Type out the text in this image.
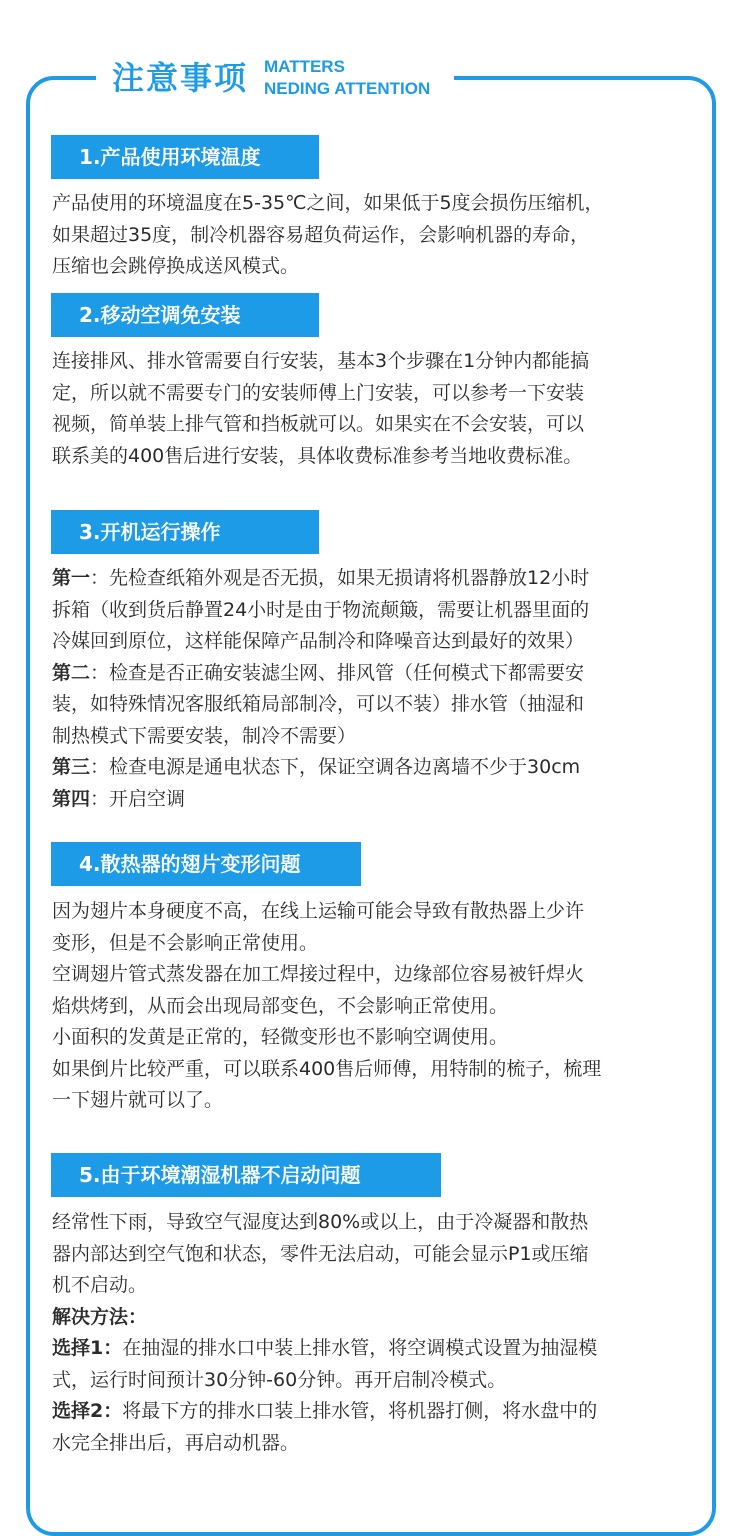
注意事项 MATTERS
NEDING ATTENTION
1.产品使用环境温度

产品使用的环境温度在5-35℃之间，如果低于5度会损伤压缩机，
如果超过35度，制冷机器容易超负荷运作，会影响机器的寿命，
压缩也会跳停换成送风模式。

2.移动空调免安装

连接排风、排水管需要自行安装，基本3个步骤在1分钟内都能搞
定，所以就不需要专门的安装师傅上门安装，可以参考一下安装
视频，简单装上排气管和挡板就可以。如果实在不会安装，可以
联系美的400售后进行安装，具体收费标准参考当地收费标准。

3.开机运行操作

第一：先检查纸箱外观是否无损，如果无损请将机器静放12小时
拆箱（收到货后静置24小时是由于物流颠簸，需要让机器里面的
冷媒回到原位，这样能保障产品制冷和降噪音达到最好的效果）
第二：检查是否正确安装滤尘网、排风管（任何模式下都需要安
装，如特殊情况客服纸箱局部制冷，可以不装）排水管（抽湿和
制热模式下需要安装，制冷不需要）
第三：检查电源是通电状态下，保证空调各边离墙不少于30cm
第四：开启空调

4.散热器的翅片变形问题

因为翅片本身硬度不高，在线上运输可能会导致有散热器上少许
变形，但是不会影响正常使用。
空调翅片管式蒸发器在加工焊接过程中，边缘部位容易被钎焊火
焰烘烤到，从而会出现局部变色，不会影响正常使用。
小面积的发黄是正常的，轻微变形也不影响空调使用。
如果倒片比较严重，可以联系400售后师傅，用特制的梳子，梳理
一下翅片就可以了。

5.由于环境潮湿机器不启动问题

经常性下雨，导致空气湿度达到80%或以上，由于冷凝器和散热
器内部达到空气饱和状态，零件无法启动，可能会显示P1或压缩
机不启动。
解决方法：
选择1：在抽湿的排水口中装上排水管，将空调模式设置为抽湿模
式，运行时间预计30分钟-60分钟。再开启制冷模式。
选择2：将最下方的排水口装上排水管，将机器打侧，将水盘中的
水完全排出后，再启动机器。
